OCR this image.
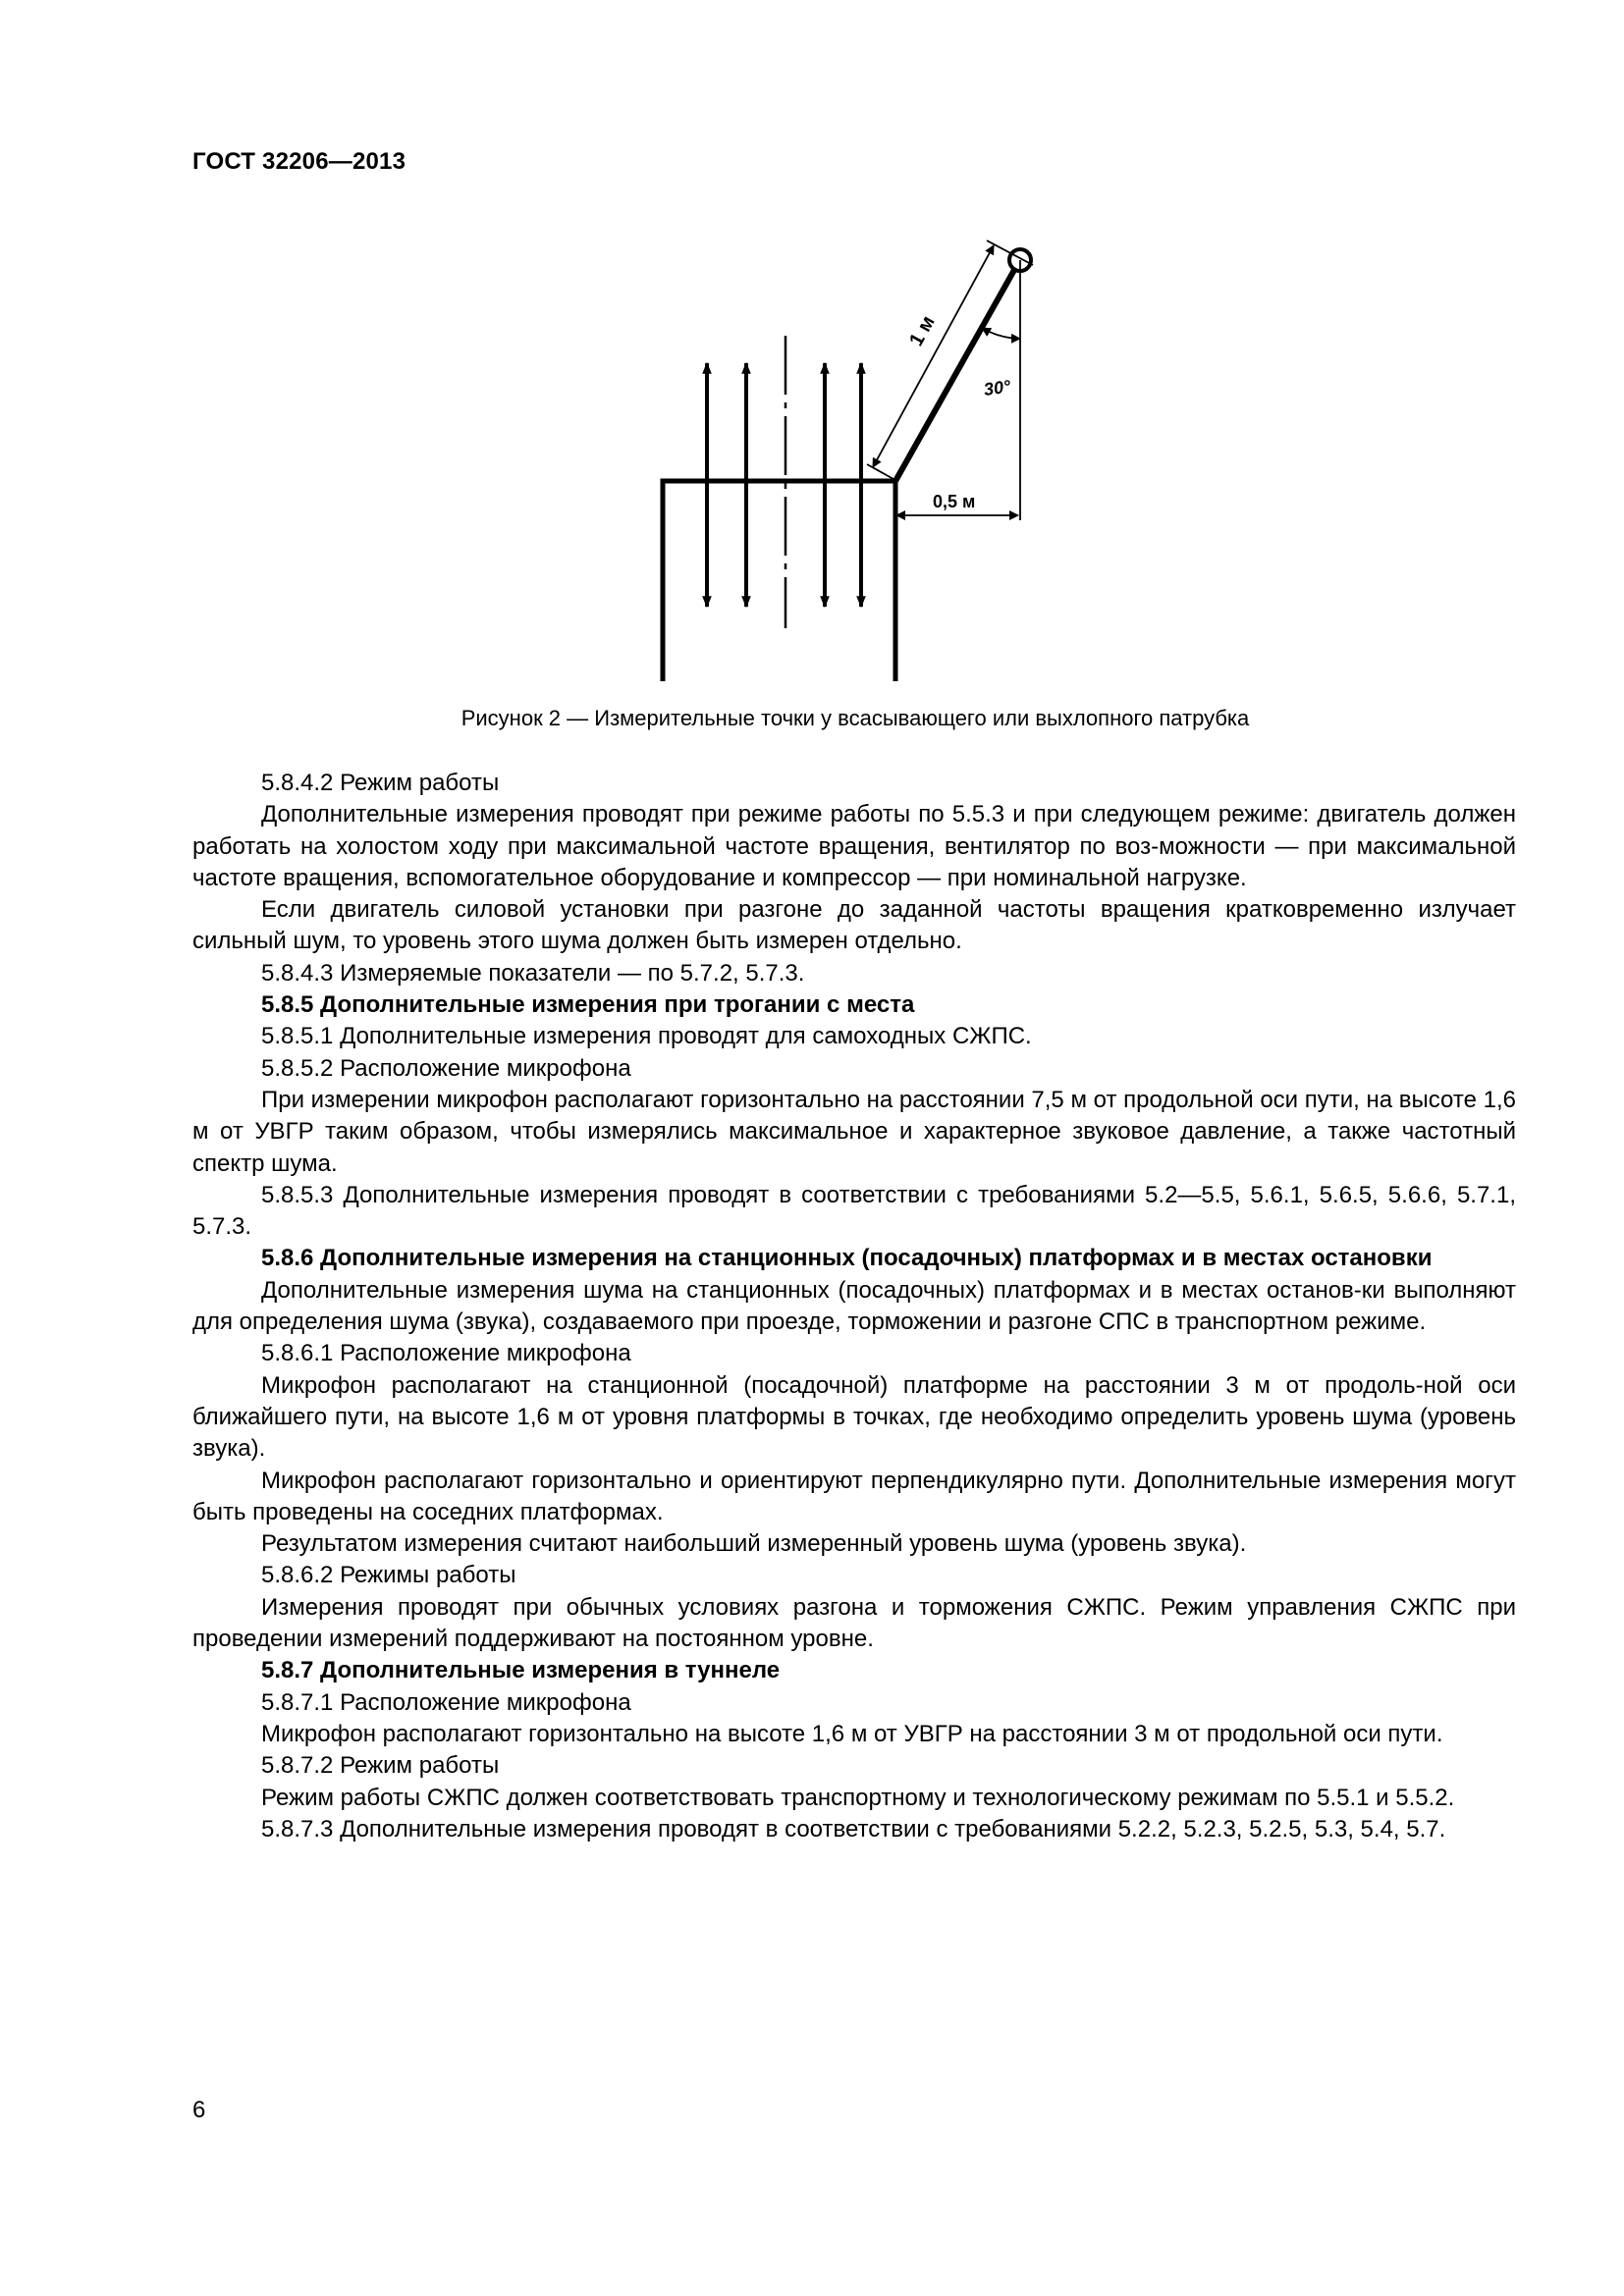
ГОСТ 32206—2013
1 м
30°
0,5 м
Рисунок 2 — Измерительные точки у всасывающего или выхлопного патрубка

5.8.4.2 Режим работы

Дополнительные измерения проводят при режиме работы по 5.5.3 и при следующем режиме: двигатель должен работать на холостом ходу при максимальной частоте вращения, вентилятор по воз-можности — при максимальной частоте вращения, вспомогательное оборудование и компрессор — при номинальной нагрузке.

Если двигатель силовой установки при разгоне до заданной частоты вращения кратковременно излучает сильный шум, то уровень этого шума должен быть измерен отдельно.

5.8.4.3 Измеряемые показатели — по 5.7.2, 5.7.3.

5.8.5 Дополнительные измерения при трогании с места

5.8.5.1 Дополнительные измерения проводят для самоходных СЖПС.

5.8.5.2 Расположение микрофона

При измерении микрофон располагают горизонтально на расстоянии 7,5 м от продольной оси пути, на высоте 1,6 м от УВГР таким образом, чтобы измерялись максимальное и характерное звуковое давление, а также частотный спектр шума.

5.8.5.3 Дополнительные измерения проводят в соответствии с требованиями 5.2—5.5, 5.6.1, 5.6.5, 5.6.6, 5.7.1, 5.7.3.

5.8.6 Дополнительные измерения на станционных (посадочных) платформах и в местах остановки

Дополнительные измерения шума на станционных (посадочных) платформах и в местах останов-ки выполняют для определения шума (звука), создаваемого при проезде, торможении и разгоне СПС в транспортном режиме.

5.8.6.1 Расположение микрофона

Микрофон располагают на станционной (посадочной) платформе на расстоянии 3 м от продоль-ной оси ближайшего пути, на высоте 1,6 м от уровня платформы в точках, где необходимо определить уровень шума (уровень звука).

Микрофон располагают горизонтально и ориентируют перпендикулярно пути. Дополнительные измерения могут быть проведены на соседних платформах.

Результатом измерения считают наибольший измеренный уровень шума (уровень звука).

5.8.6.2 Режимы работы

Измерения проводят при обычных условиях разгона и торможения СЖПС. Режим управления СЖПС при проведении измерений поддерживают на постоянном уровне.

5.8.7 Дополнительные измерения в туннеле

5.8.7.1 Расположение микрофона

Микрофон располагают горизонтально на высоте 1,6 м от УВГР на расстоянии 3 м от продольной оси пути.

5.8.7.2 Режим работы

Режим работы СЖПС должен соответствовать транспортному и технологическому режимам по 5.5.1 и 5.5.2.

5.8.7.3 Дополнительные измерения проводят в соответствии с требованиями 5.2.2, 5.2.3, 5.2.5, 5.3, 5.4, 5.7.

6
